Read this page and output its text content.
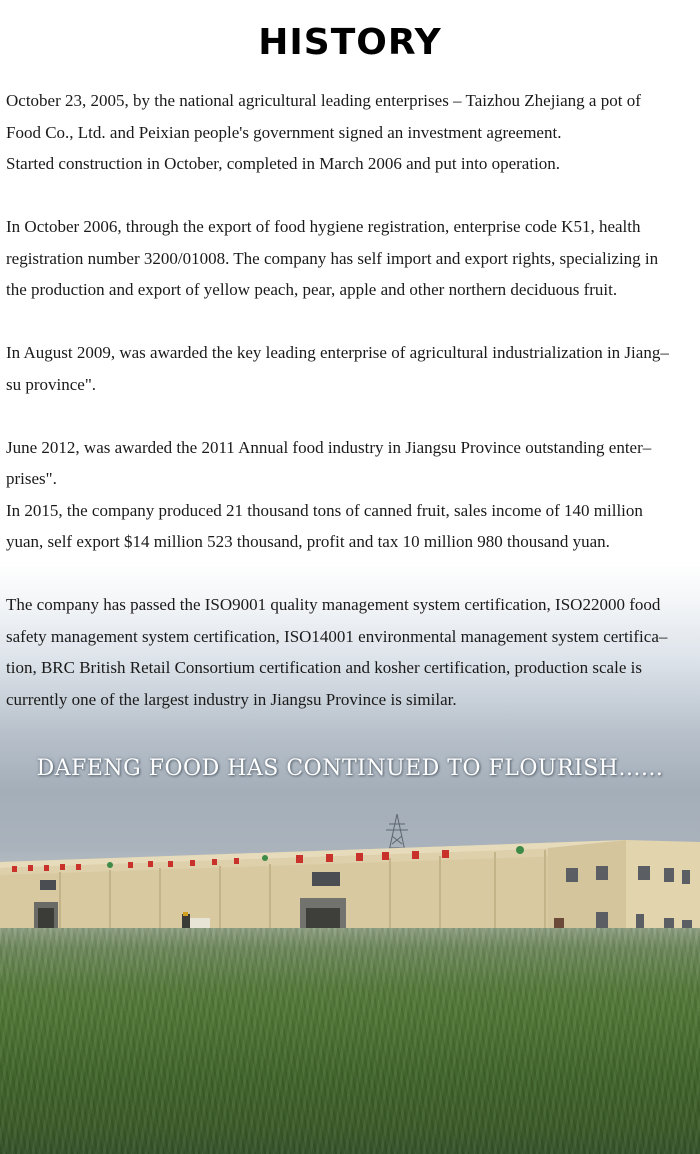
HISTORY

October 23, 2005, by the national agricultural leading enterprises – Taizhou Zhejiang a pot of
Food Co., Ltd. and Peixian people's government signed an investment agreement.
Started construction in October, completed in March 2006 and put into operation.

In October 2006, through the export of food hygiene registration, enterprise code K51, health
registration number 3200/01008. The company has self import and export rights, specializing in
the production and export of yellow peach, pear, apple and other northern deciduous fruit.

In August 2009, was awarded the key leading enterprise of agricultural industrialization in Jiang–
su province".

June 2012, was awarded the 2011 Annual food industry in Jiangsu Province outstanding enter–
prises".
In 2015, the company produced 21 thousand tons of canned fruit, sales income of 140 million
yuan, self export $14 million 523 thousand, profit and tax 10 million 980 thousand yuan.

The company has passed the ISO9001 quality management system certification, ISO22000 food
safety management system certification, ISO14001 environmental management system certifica–
tion, BRC British Retail Consortium certification and kosher certification, production scale is
currently one of the largest industry in Jiangsu Province is similar.

DAFENG FOOD HAS CONTINUED TO FLOURISH......
